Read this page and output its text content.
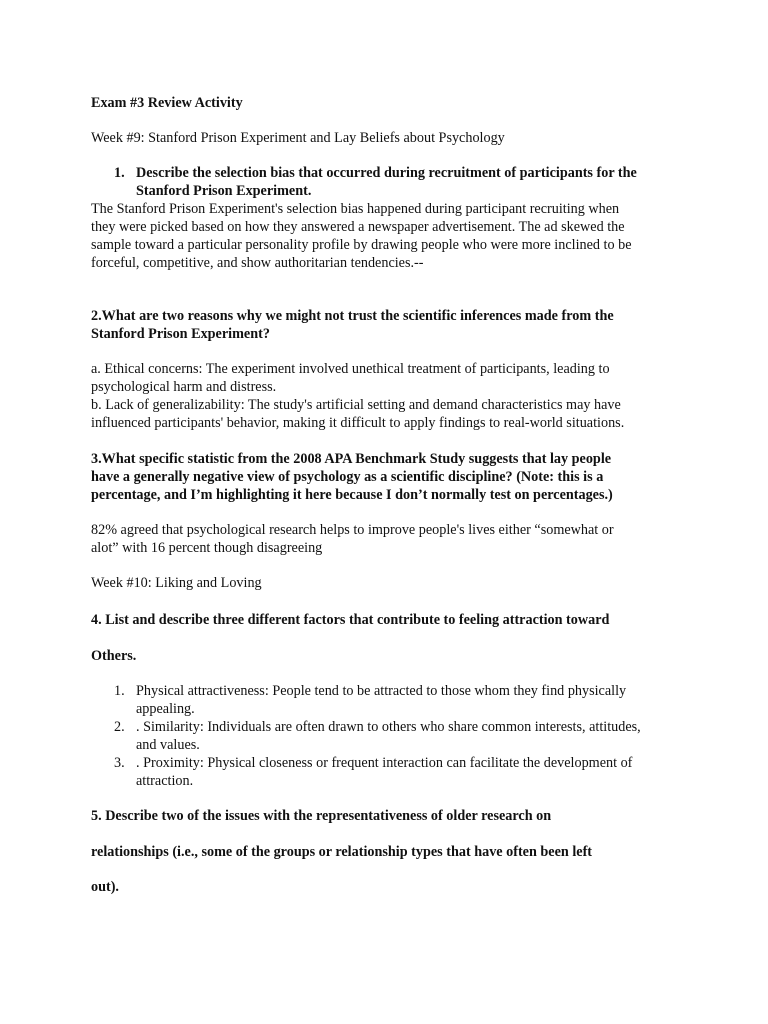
Exam #3 Review Activity
Week #9: Stanford Prison Experiment and Lay Beliefs about Psychology
1. Describe the selection bias that occurred during recruitment of participants for the
Stanford Prison Experiment.
The Stanford Prison Experiment's selection bias happened during participant recruiting when
they were picked based on how they answered a newspaper advertisement. The ad skewed the
sample toward a particular personality profile by drawing people who were more inclined to be
forceful, competitive, and show authoritarian tendencies.--
2.What are two reasons why we might not trust the scientific inferences made from the
Stanford Prison Experiment?
a. Ethical concerns: The experiment involved unethical treatment of participants, leading to
psychological harm and distress.
b. Lack of generalizability: The study's artificial setting and demand characteristics may have
influenced participants' behavior, making it difficult to apply findings to real-world situations.
3.What specific statistic from the 2008 APA Benchmark Study suggests that lay people
have a generally negative view of psychology as a scientific discipline? (Note: this is a
percentage, and I’m highlighting it here because I don’t normally test on percentages.)
82% agreed that psychological research helps to improve people's lives either “somewhat or
alot” with 16 percent though disagreeing
Week #10: Liking and Loving
4. List and describe three different factors that contribute to feeling attraction toward
Others.
1. Physical attractiveness: People tend to be attracted to those whom they find physically
appealing.
2. . Similarity: Individuals are often drawn to others who share common interests, attitudes,
and values.
3. . Proximity: Physical closeness or frequent interaction can facilitate the development of
attraction.
5. Describe two of the issues with the representativeness of older research on
relationships (i.e., some of the groups or relationship types that have often been left
out).
